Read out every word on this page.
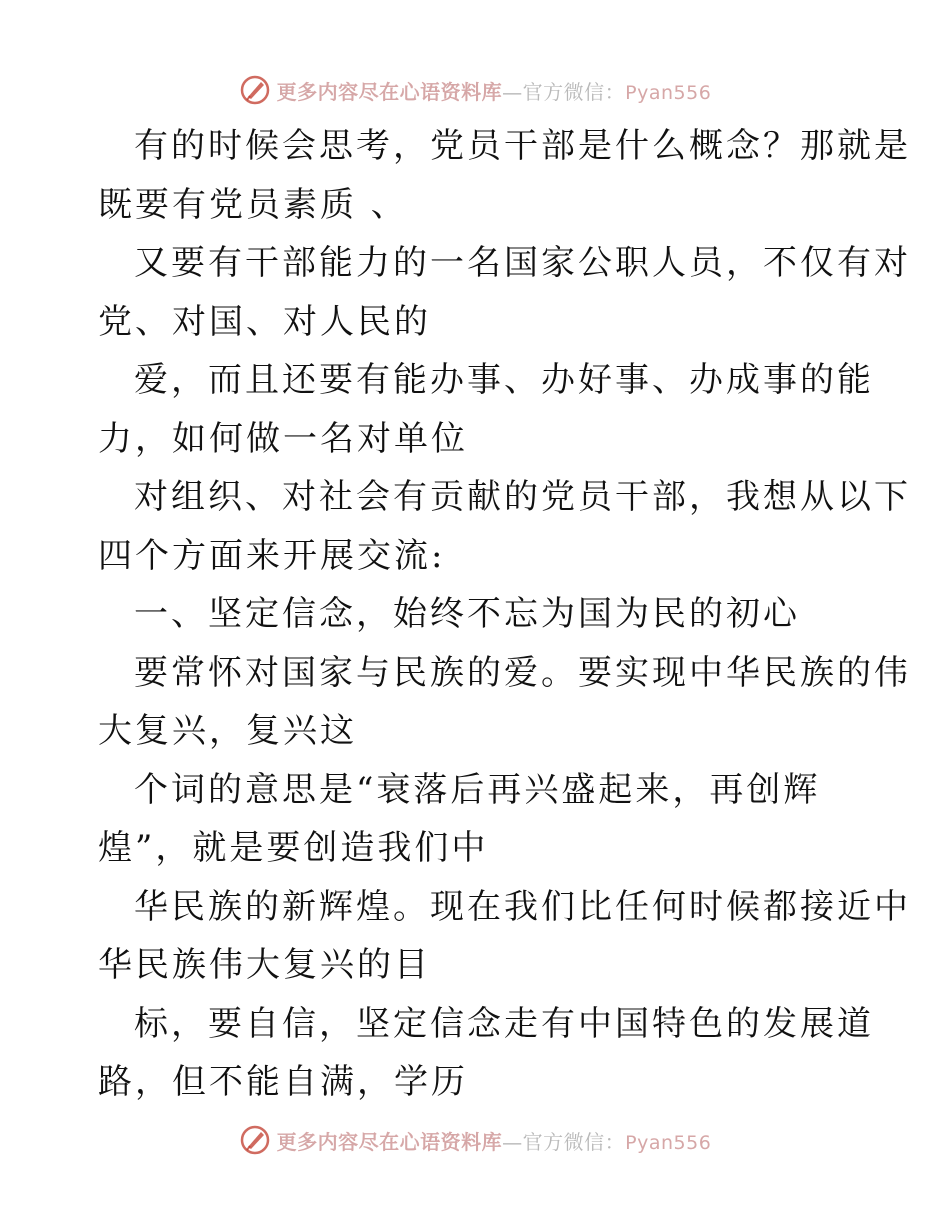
更多内容尽在心语资料库—官方微信：Pyan556
有的时候会思考，党员干部是什么概念？那就是
既要有党员素质 、
又要有干部能力的一名国家公职人员，不仅有对
党、对国、对人民的
爱，而且还要有能办事、办好事、办成事的能
力，如何做一名对单位
对组织、对社会有贡献的党员干部，我想从以下
四个方面来开展交流:
一、坚定信念，始终不忘为国为民的初心
要常怀对国家与民族的爱。要实现中华民族的伟
大复兴，复兴这
个词的意思是“衰落后再兴盛起来，再创辉
煌”，就是要创造我们中
华民族的新辉煌。现在我们比任何时候都接近中
华民族伟大复兴的目
标，要自信，坚定信念走有中国特色的发展道
路，但不能自满，学历
更多内容尽在心语资料库—官方微信：Pyan556
